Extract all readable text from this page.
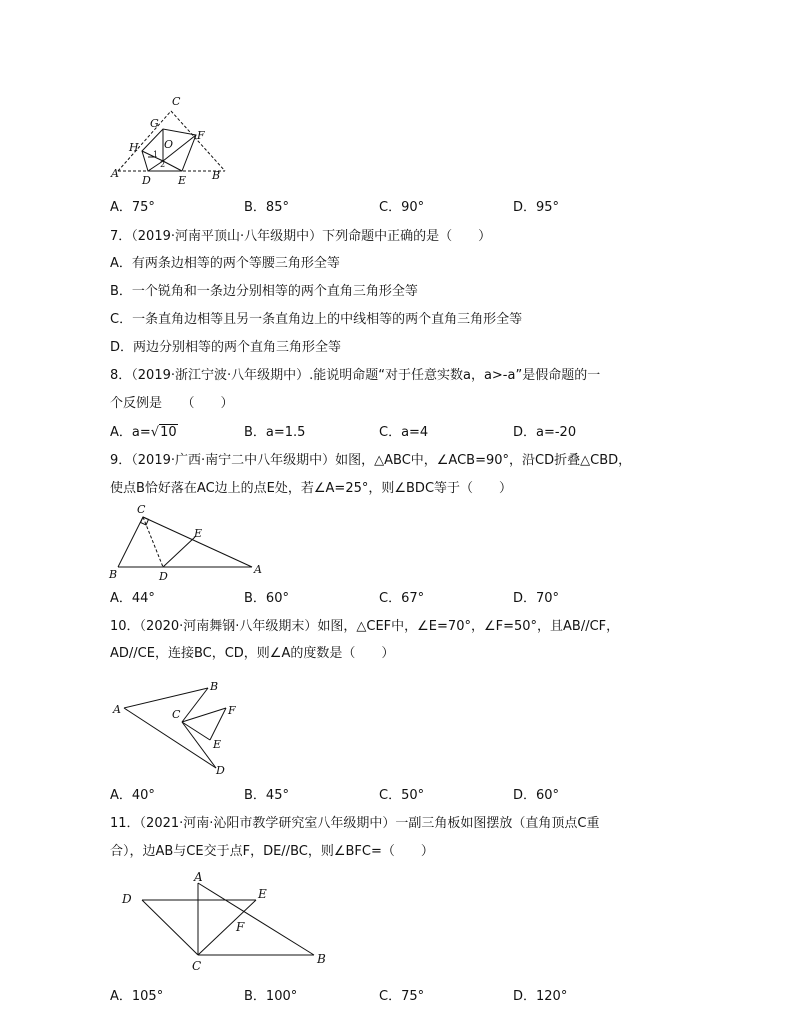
C
G
F
H O
1
2
A
D E B
A．75°	B．85°	C．90°	D．95°
7．（2019·河南平顶山·八年级期中）下列命题中正确的是（　　）
A．有两条边相等的两个等腰三角形全等
B．一个锐角和一条边分别相等的两个直角三角形全等
C．一条直角边相等且另一条直角边上的中线相等的两个直角三角形全等
D．两边分别相等的两个直角三角形全等
8．（2019·浙江宁波·八年级期中）.能说明命题“对于任意实数a，a>-a”是假命题的一
个反例是　　（　　）
A．a=√10	B．a=1.5	C．a=4	D．a=-20
9．（2019·广西·南宁二中八年级期中）如图，△ABC中，∠ACB=90°，沿CD折叠△CBD，
使点B恰好落在AC边上的点E处，若∠A=25°，则∠BDC等于（　　）
C
E
B	D
A
A．44°	B．60°	C．67°	D．70°
10．（2020·河南舞钢·八年级期末）如图，△CEF中，∠E=70°，∠F=50°，且AB//CF，
AD//CE，连接BC，CD，则∠A的度数是（　　）
A
B
C	F
E
D
A．40°	B．45°	C．50°	D．60°
11．（2021·河南·沁阳市教学研究室八年级期中）一副三角板如图摆放（直角顶点C重
合），边AB与CE交于点F，DE//BC，则∠BFC=（　　）
A
D	E
F
C	B
A．105°	B．100°	C．75°	D．120°
